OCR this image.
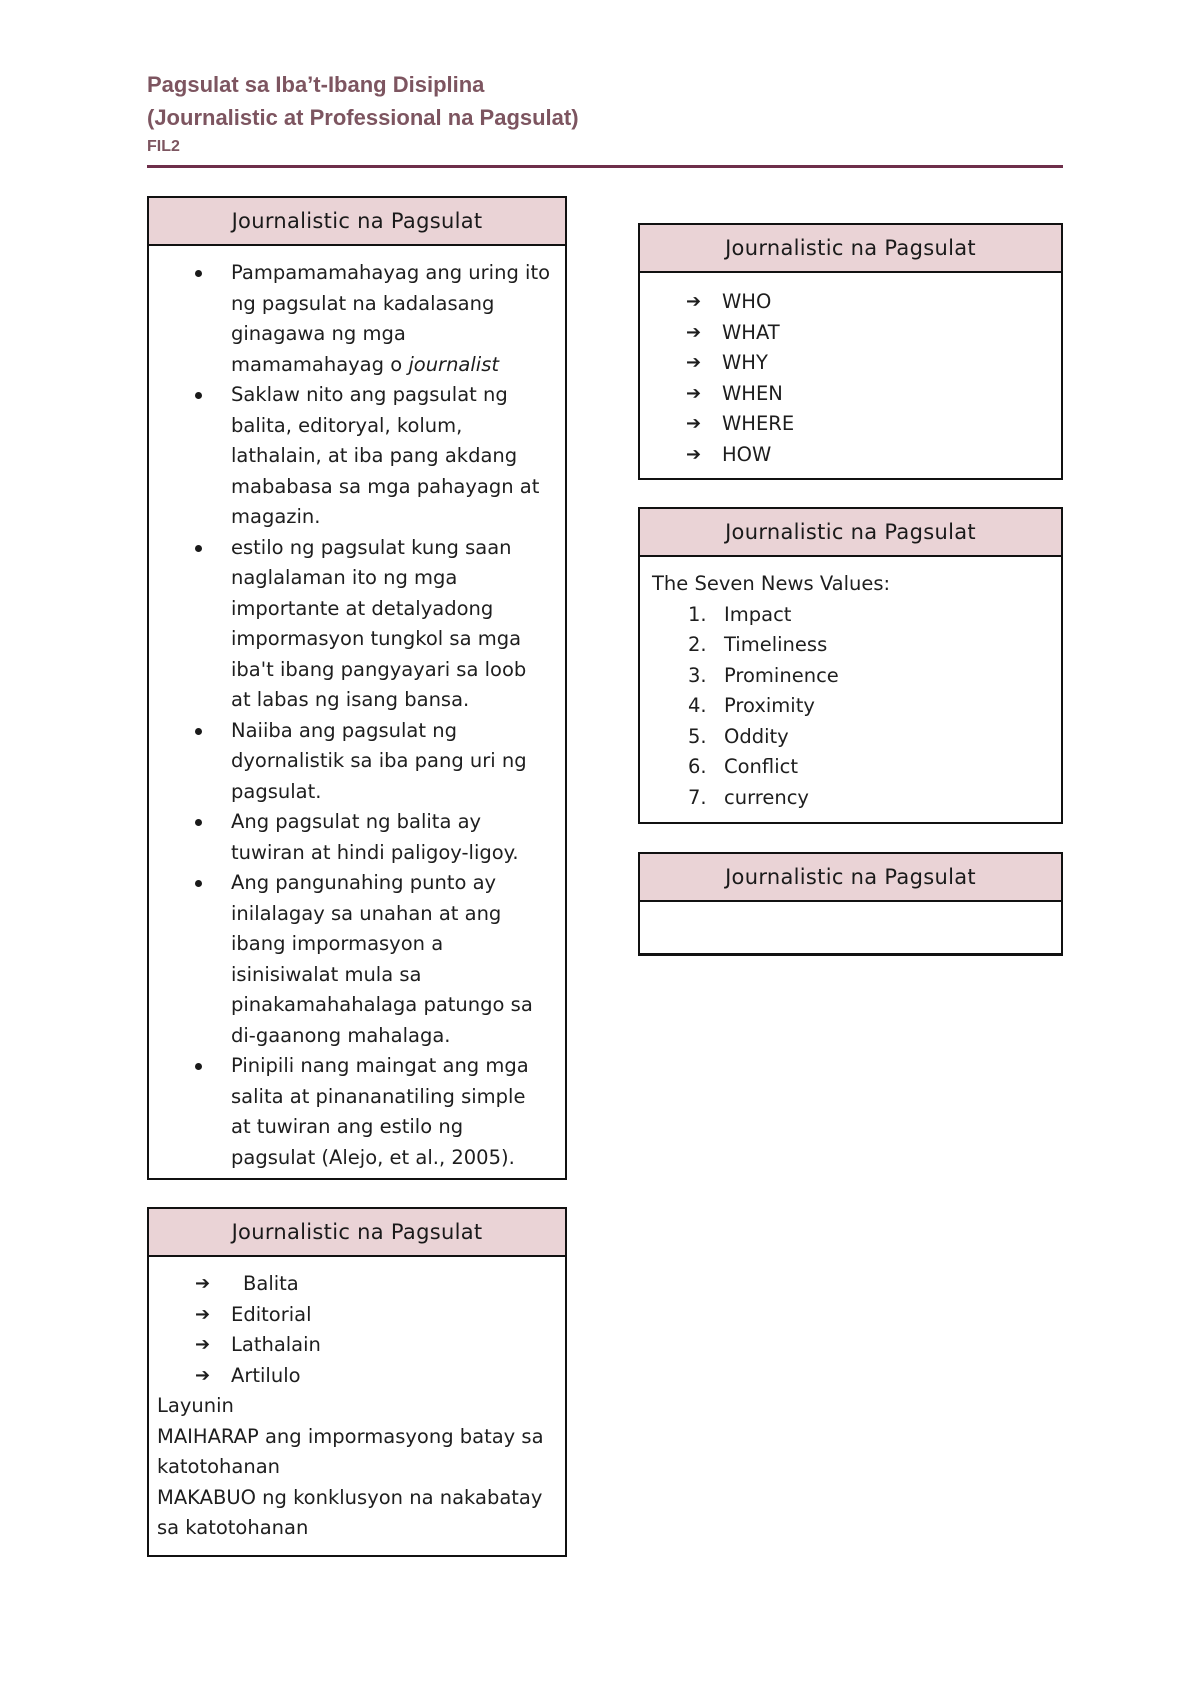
Pagsulat sa Iba’t-Ibang Disiplina
(Journalistic at Professional na Pagsulat)
FIL2
Journalistic na Pagsulat
Pampamamahayag ang uring ito ng pagsulat na kadalasang ginagawa ng mga mamamahayag o journalist
Saklaw nito ang pagsulat ng balita, editoryal, kolum, lathalain, at iba pang akdang mababasa sa mga pahayagn at magazin.
estilo ng pagsulat kung saan naglalaman ito ng mga importante at detalyadong impormasyon tungkol sa mga iba't ibang pangyayari sa loob at labas ng isang bansa.
Naiiba ang pagsulat ng dyornalistik sa iba pang uri ng pagsulat.
Ang pagsulat ng balita ay tuwiran at hindi paligoy-ligoy.
Ang pangunahing punto ay inilalagay sa unahan at ang ibang impormasyon a isinisiwalat mula sa pinakamahahalaga patungo sa di-gaanong mahalaga.
Pinipili nang maingat ang mga salita at pinananatiling simple at tuwiran ang estilo ng pagsulat (Alejo, et al., 2005).
Journalistic na Pagsulat
➔ Balita
➔ Editorial
➔ Lathalain
➔ Artilulo
Layunin
MAIHARAP ang impormasyong batay sa katotohanan
MAKABUO ng konklusyon na nakabatay sa katotohanan
Journalistic na Pagsulat
➔ WHO
➔ WHAT
➔ WHY
➔ WHEN
➔ WHERE
➔ HOW
Journalistic na Pagsulat
The Seven News Values:
1. Impact
2. Timeliness
3. Prominence
4. Proximity
5. Oddity
6. Conflict
7. currency
Journalistic na Pagsulat
